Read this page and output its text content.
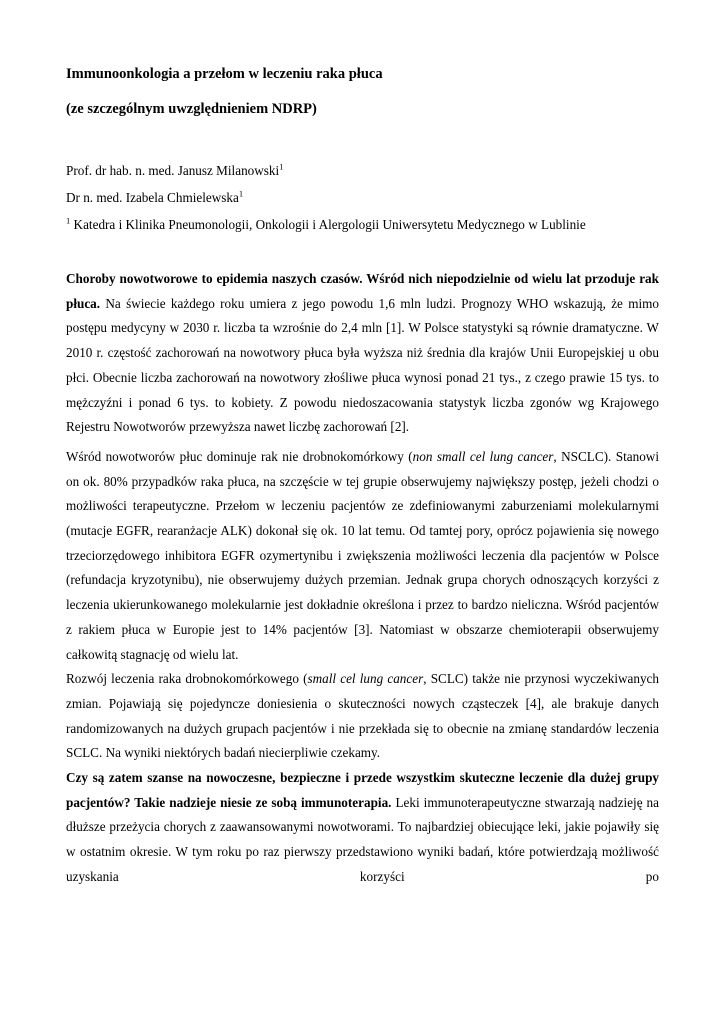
Immunoonkologia a przełom w leczeniu raka płuca
(ze szczególnym uwzględnieniem NDRP)

Prof. dr hab. n. med. Janusz Milanowski$^1$

Dr n. med. Izabela Chmielewska$^1$

$^1$ Katedra i Klinika Pneumonologii, Onkologii i Alergologii Uniwersytetu Medycznego w Lublinie

Choroby nowotworowe to epidemia naszych czasów. Wśród nich niepodzielnie od wielu lat przoduje rak płuca. Na świecie każdego roku umiera z jego powodu 1,6 mln ludzi. Prognozy WHO wskazują, że mimo postępu medycyny w 2030 r. liczba ta wzrośnie do 2,4 mln [1]. W Polsce statystyki są równie dramatyczne. W 2010 r. częstość zachorowań na nowotwory płuca była wyższa niż średnia dla krajów Unii Europejskiej u obu płci. Obecnie liczba zachorowań na nowotwory złośliwe płuca wynosi ponad 21 tys., z czego prawie 15 tys. to mężczyźni i ponad 6 tys. to kobiety. Z powodu niedoszacowania statystyk liczba zgonów wg Krajowego Rejestru Nowotworów przewyższa nawet liczbę zachorowań [2].

Wśród nowotworów płuc dominuje rak nie drobnokomórkowy (non small cel lung cancer, NSCLC). Stanowi on ok. 80% przypadków raka płuca, na szczęście w tej grupie obserwujemy największy postęp, jeżeli chodzi o możliwości terapeutyczne. Przełom w leczeniu pacjentów ze zdefiniowanymi zaburzeniami molekularnymi (mutacje EGFR, rearanżacje ALK) dokonał się ok. 10 lat temu. Od tamtej pory, oprócz pojawienia się nowego trzeciorzędowego inhibitora EGFR ozymertynibu i zwiększenia możliwości leczenia dla pacjentów w Polsce (refundacja kryzotynibu), nie obserwujemy dużych przemian. Jednak grupa chorych odnoszących korzyści z leczenia ukierunkowanego molekularnie jest dokładnie określona i przez to bardzo nieliczna. Wśród pacjentów z rakiem płuca w Europie jest to 14% pacjentów [3]. Natomiast w obszarze chemioterapii obserwujemy całkowitą stagnację od wielu lat.

Rozwój leczenia raka drobnokomórkowego (small cel lung cancer, SCLC) także nie przynosi wyczekiwanych zmian. Pojawiają się pojedyncze doniesienia o skuteczności nowych cząsteczek [4], ale brakuje danych randomizowanych na dużych grupach pacjentów i nie przekłada się to obecnie na zmianę standardów leczenia SCLC. Na wyniki niektórych badań niecierpliwie czekamy.

Czy są zatem szanse na nowoczesne, bezpieczne i przede wszystkim skuteczne leczenie dla dużej grupy pacjentów? Takie nadzieje niesie ze sobą immunoterapia. Leki immunoterapeutyczne stwarzają nadzieję na dłuższe przeżycia chorych z zaawansowanymi nowotworami. To najbardziej obiecujące leki, jakie pojawiły się w ostatnim okresie. W tym roku po raz pierwszy przedstawiono wyniki badań, które potwierdzają możliwość uzyskania korzyści po
